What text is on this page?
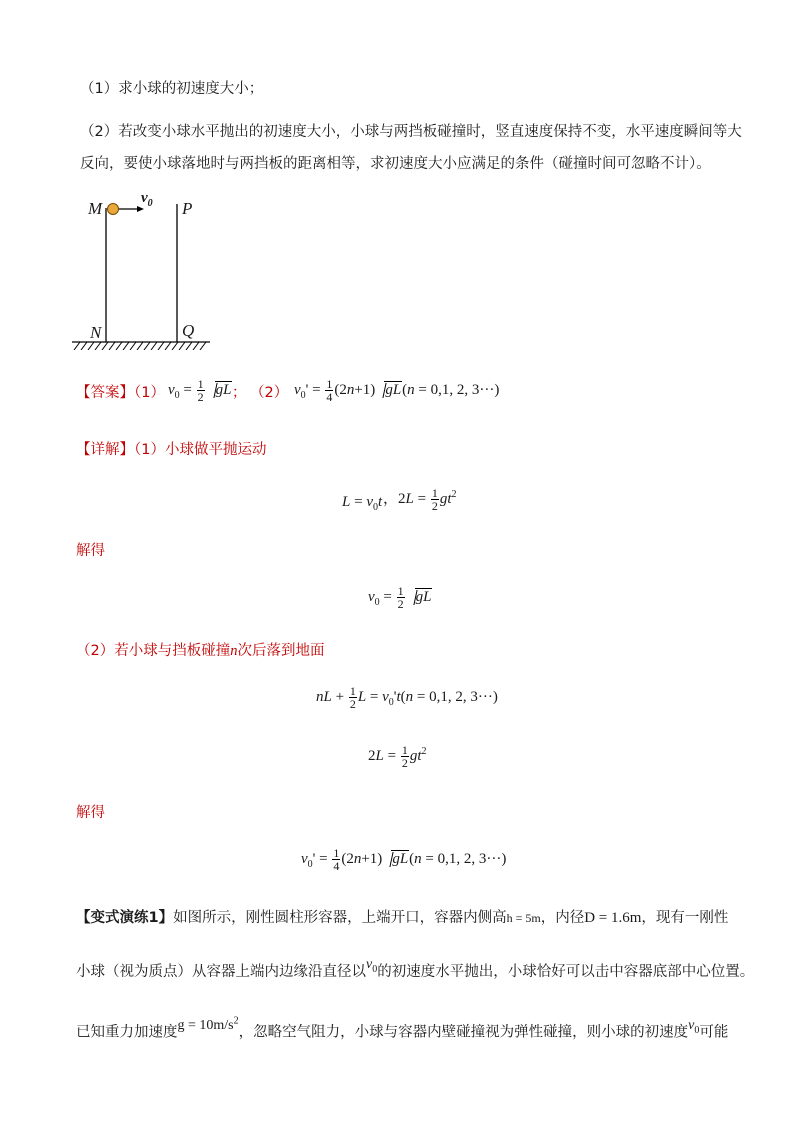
（1）求小球的初速度大小；
（2）若改变小球水平抛出的初速度大小，小球与两挡板碰撞时，竖直速度保持不变，水平速度瞬间等大
反向，要使小球落地时与两挡板的距离相等，求初速度大小应满足的条件（碰撞时间可忽略不计）。
M	P
N	Q
$v_0$
【答案】（1） $v_0 = \frac{1}{2}$ gL ； （2） $v_0' = \frac{1}{4} (2n+1) gL(n = 0,1$, 2, 3···)
【详解】（1）小球做平抛运动
$L = v_0t$ ， $2L = \frac{1}{2} gt^2$
解得
$v_0 = \frac{1}{2}$ gL
（2）若小球与挡板碰撞n次后落到地面
nL + $\frac{1}{2}$ $L = v_0't(n = 0,1$, 2, 3···)
$2L = \frac{1}{2} gt^2$
解得
$v_0' = \frac{1}{4} (2n+1) gL(n = 0,1$, 2, 3···)
【变式演练1】如图所示，刚性圆柱形容器，上端开口，容器内侧高h = 5m，内径D = 1.6m，现有一刚性
小球（视为质点）从容器上端内边缘沿直径以$v_0$的初速度水平抛出，小球恰好可以击中容器底部中心位置。
已知重力加速度$g = 10m/s^2$，忽略空气阻力，小球与容器内壁碰撞视为弹性碰撞，则小球的初速度$v_0$可能
